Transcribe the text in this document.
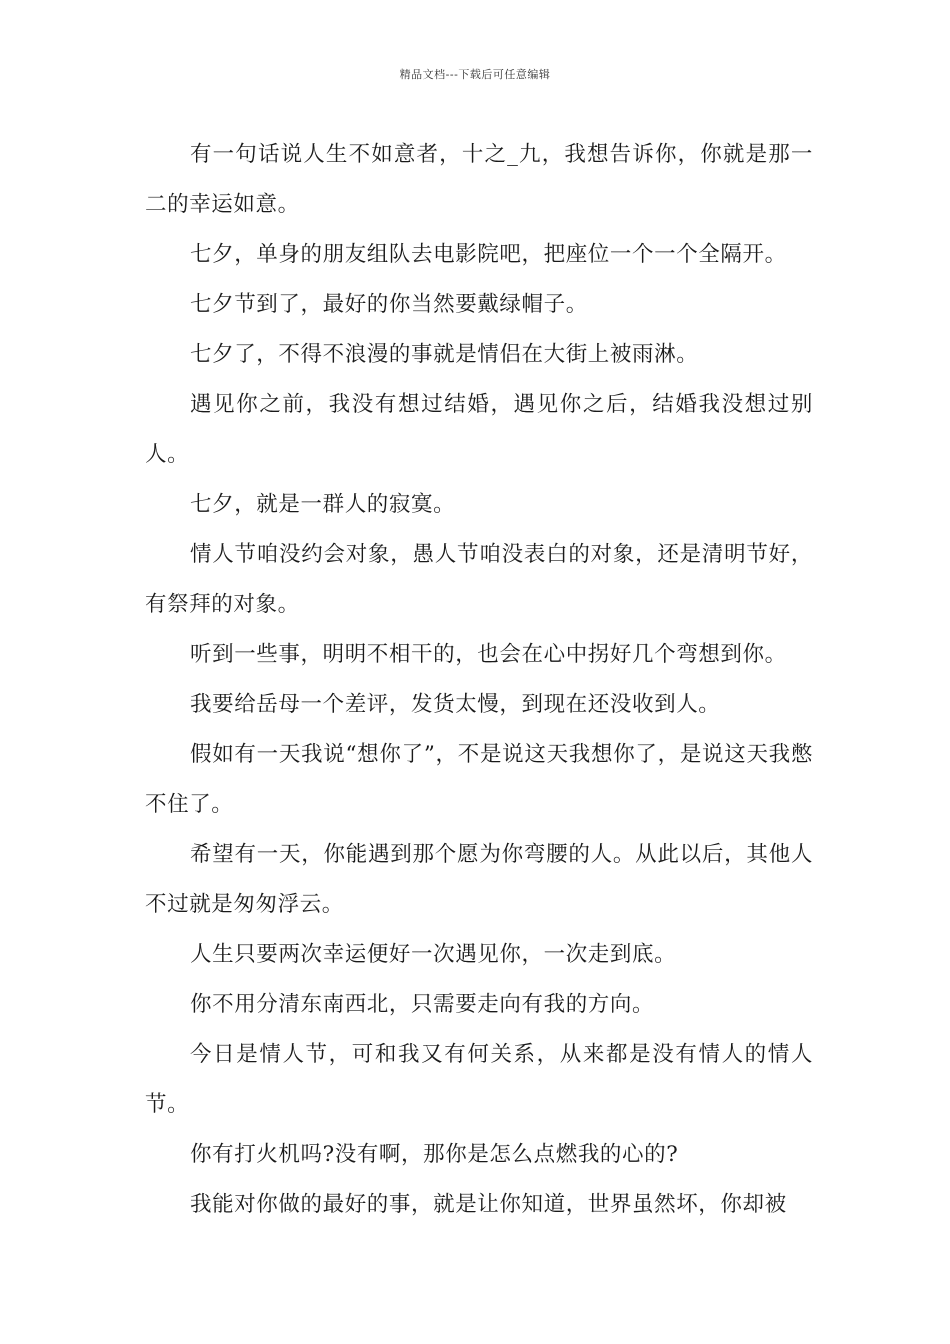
精品文档---下载后可任意编辑

有一句话说人生不如意者，十之_九，我想告诉你，你就是那一二的幸运如意。

七夕，单身的朋友组队去电影院吧，把座位一个一个全隔开。

七夕节到了，最好的你当然要戴绿帽子。

七夕了，不得不浪漫的事就是情侣在大街上被雨淋。

遇见你之前，我没有想过结婚，遇见你之后，结婚我没想过别人。

七夕，就是一群人的寂寞。

情人节咱没约会对象，愚人节咱没表白的对象，还是清明节好，有祭拜的对象。

听到一些事，明明不相干的，也会在心中拐好几个弯想到你。

我要给岳母一个差评，发货太慢，到现在还没收到人。

假如有一天我说“想你了”，不是说这天我想你了，是说这天我憋不住了。

希望有一天，你能遇到那个愿为你弯腰的人。从此以后，其他人不过就是匆匆浮云。

人生只要两次幸运便好一次遇见你，一次走到底。

你不用分清东南西北，只需要走向有我的方向。

今日是情人节，可和我又有何关系，从来都是没有情人的情人节。

你有打火机吗?没有啊，那你是怎么点燃我的心的?

我能对你做的最好的事，就是让你知道，世界虽然坏，你却被
